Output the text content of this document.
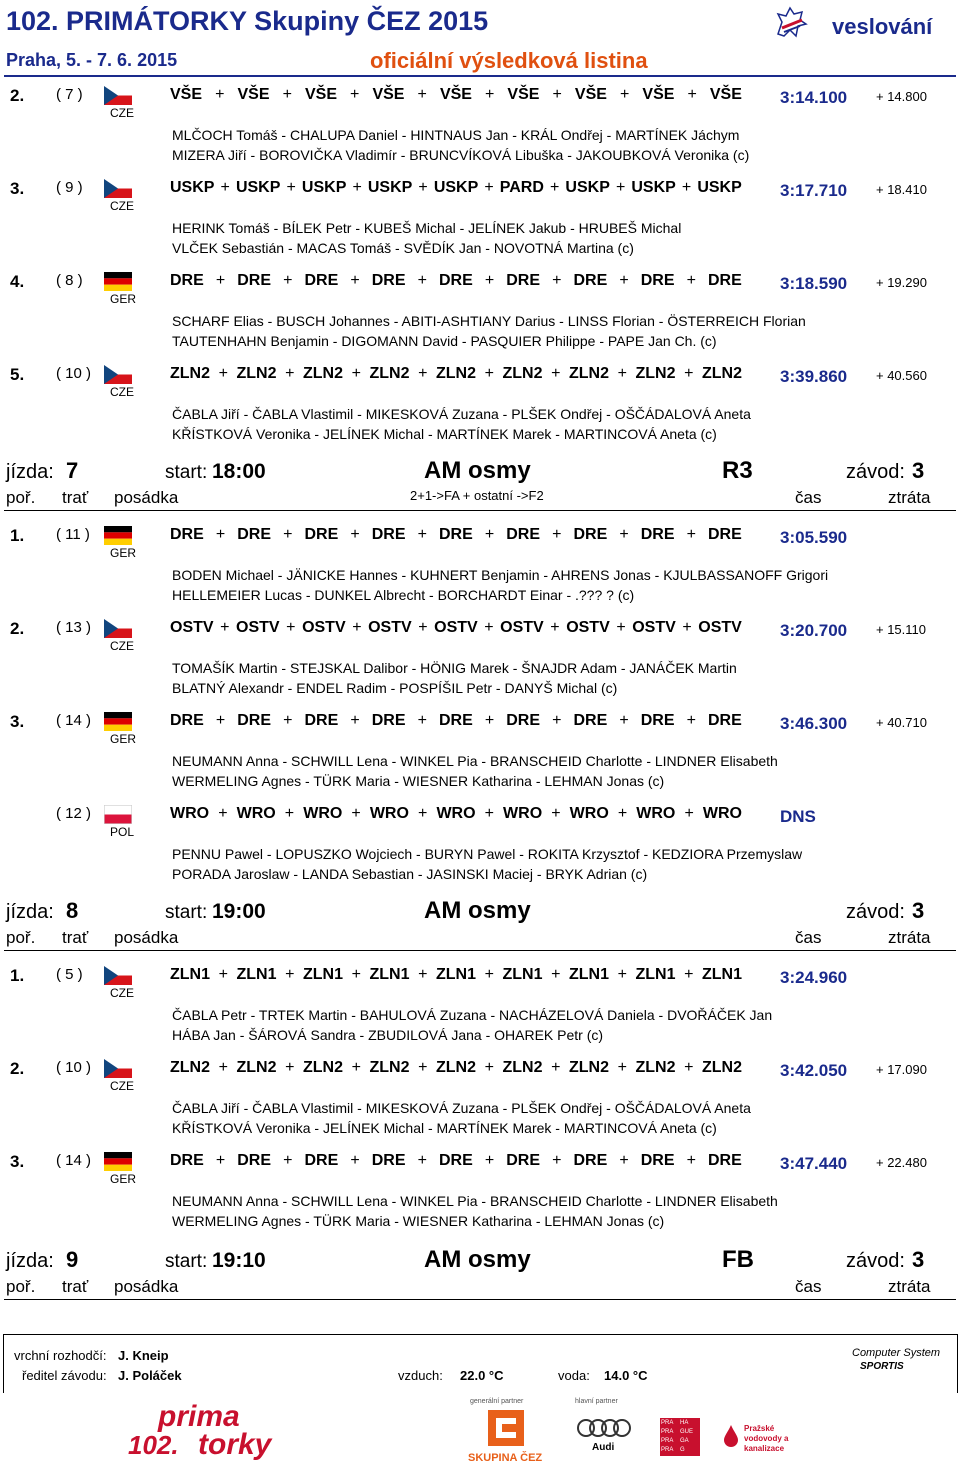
102. PRIMÁTORKY Skupiny ČEZ 2015
Praha, 5. - 7. 6. 2015	oficiální výsledková listina
veslování
2. ( 7 )
CZE
VŠE + VŠE + VŠE + VŠE + VŠE + VŠE + VŠE + VŠE + VŠE 3:14.100 + 14.800
MLČOCH Tomáš - CHALUPA Daniel - HINTNAUS Jan - KRÁL Ondřej - MARTÍNEK Jáchym
MIZERA Jiří - BOROVIČKA Vladimír - BRUNCVÍKOVÁ Libuška - JAKOUBKOVÁ Veronika (c)
3. ( 9 )
CZE
USKP + USKP + USKP + USKP + USKP + PARD + USKP + USKP + USKP 3:17.710 + 18.410
HERINK Tomáš - BÍLEK Petr - KUBEŠ Michal - JELÍNEK Jakub - HRUBEŠ Michal
VLČEK Sebastián - MACAS Tomáš - SVĚDÍK Jan - NOVOTNÁ Martina (c)
4. ( 8 )
GER
DRE + DRE + DRE + DRE + DRE + DRE + DRE + DRE + DRE 3:18.590 + 19.290
SCHARF Elias - BUSCH Johannes - ABITI-ASHTIANY Darius - LINSS Florian - ÖSTERREICH Florian
TAUTENHAHN Benjamin - DIGOMANN David - PASQUIER Philippe - PAPE Jan Ch. (c)
5. ( 10 )
CZE
ZLN2 + ZLN2 + ZLN2 + ZLN2 + ZLN2 + ZLN2 + ZLN2 + ZLN2 + ZLN2 3:39.860 + 40.560
ČABLA Jiří - ČABLA Vlastimil - MIKESKOVÁ Zuzana - PLŠEK Ondřej - OŠČÁDALOVÁ Aneta
KŘÍSTKOVÁ Veronika - JELÍNEK Michal - MARTÍNEK Marek - MARTINCOVÁ Aneta (c)
jízda: 7	start: 18:00	AM osmy	R3	závod: 3
poř. trať posádka	2+1->FA + ostatní ->F2	čas	ztráta
1. ( 11 )
GER
DRE + DRE + DRE + DRE + DRE + DRE + DRE + DRE + DRE 3:05.590
BODEN Michael - JÄNICKE Hannes - KUHNERT Benjamin - AHRENS Jonas - KJULBASSANOFF Grigori
HELLEMEIER Lucas - DUNKEL Albrecht - BORCHARDT Einar - .??? ? (c)
2. ( 13 )
CZE
OSTV + OSTV + OSTV + OSTV + OSTV + OSTV + OSTV + OSTV + OSTV 3:20.700 + 15.110
TOMAŠÍK Martin - STEJSKAL Dalibor - HÖNIG Marek - ŠNAJDR Adam - JANÁČEK Martin
BLATNÝ Alexandr - ENDEL Radim - POSPÍŠIL Petr - DANYŠ Michal (c)
3. ( 14 )
GER
DRE + DRE + DRE + DRE + DRE + DRE + DRE + DRE + DRE 3:46.300 + 40.710
NEUMANN Anna - SCHWILL Lena - WINKEL Pia - BRANSCHEID Charlotte - LINDNER Elisabeth
WERMELING Agnes - TÜRK Maria - WIESNER Katharina - LEHMAN Jonas (c)
( 12 )
POL
WRO + WRO + WRO + WRO + WRO + WRO + WRO + WRO + WRO DNS
PENNU Pawel - LOPUSZKO Wojciech - BURYN Pawel - ROKITA Krzysztof - KEDZIORA Przemyslaw
PORADA Jaroslaw - LANDA Sebastian - JASINSKI Maciej - BRYK Adrian (c)
jízda: 8	start: 19:00	AM osmy	závod: 3
poř. trať posádka	čas	ztráta
1. ( 5 )
CZE
ZLN1 + ZLN1 + ZLN1 + ZLN1 + ZLN1 + ZLN1 + ZLN1 + ZLN1 + ZLN1 3:24.960
ČABLA Petr - TRTEK Martin - BAHULOVÁ Zuzana - NACHÁZELOVÁ Daniela - DVOŘÁČEK Jan
HÁBA Jan - ŠÁROVÁ Sandra - ZBUDILOVÁ Jana - OHAREK Petr (c)
2. ( 10 )
CZE
ZLN2 + ZLN2 + ZLN2 + ZLN2 + ZLN2 + ZLN2 + ZLN2 + ZLN2 + ZLN2 3:42.050 + 17.090
ČABLA Jiří - ČABLA Vlastimil - MIKESKOVÁ Zuzana - PLŠEK Ondřej - OŠČÁDALOVÁ Aneta
KŘÍSTKOVÁ Veronika - JELÍNEK Michal - MARTÍNEK Marek - MARTINCOVÁ Aneta (c)
3. ( 14 )
GER
DRE + DRE + DRE + DRE + DRE + DRE + DRE + DRE + DRE 3:47.440 + 22.480
NEUMANN Anna - SCHWILL Lena - WINKEL Pia - BRANSCHEID Charlotte - LINDNER Elisabeth
WERMELING Agnes - TÜRK Maria - WIESNER Katharina - LEHMAN Jonas (c)
jízda: 9	start: 19:10	AM osmy	FB	závod: 3
poř. trať posádka	čas	ztráta
vrchní rozhodčí: J. Kneip
ředitel závodu: J. Poláček	vzduch: 22.0 °C	voda: 14.0 °C
Computer System
SPORTIS
generální partner	hlavní partner
prima
102. torky	SKUPINA ČEZ
Audi
PRA	HA
PRA	GUE
PRA	GA
PRA	G
Pražské vodovody a kanalizace
